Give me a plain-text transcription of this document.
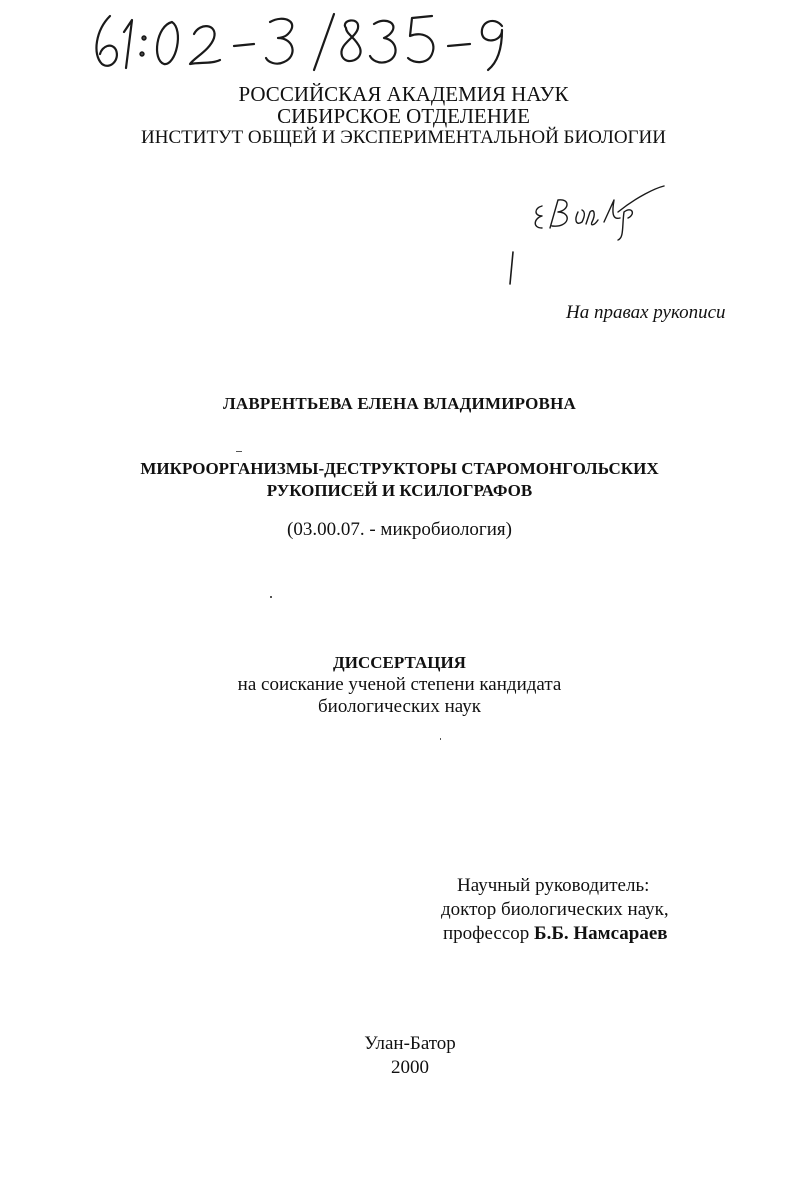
РОССИЙСКАЯ АКАДЕМИЯ НАУК
СИБИРСКОЕ ОТДЕЛЕНИЕ
ИНСТИТУТ ОБЩЕЙ И ЭКСПЕРИМЕНТАЛЬНОЙ БИОЛОГИИ
На правах рукописи
ЛАВРЕНТЬЕВА ЕЛЕНА ВЛАДИМИРОВНА
МИКРООРГАНИЗМЫ-ДЕСТРУКТОРЫ СТАРОМОНГОЛЬСКИХ
РУКОПИСЕЙ И КСИЛОГРАФОВ
(03.00.07. - микробиология)
ДИССЕРТАЦИЯ
на соискание ученой степени кандидата
биологических наук
Научный руководитель:
доктор биологических наук,
профессор Б.Б. Намсараев
Улан-Батор
2000
